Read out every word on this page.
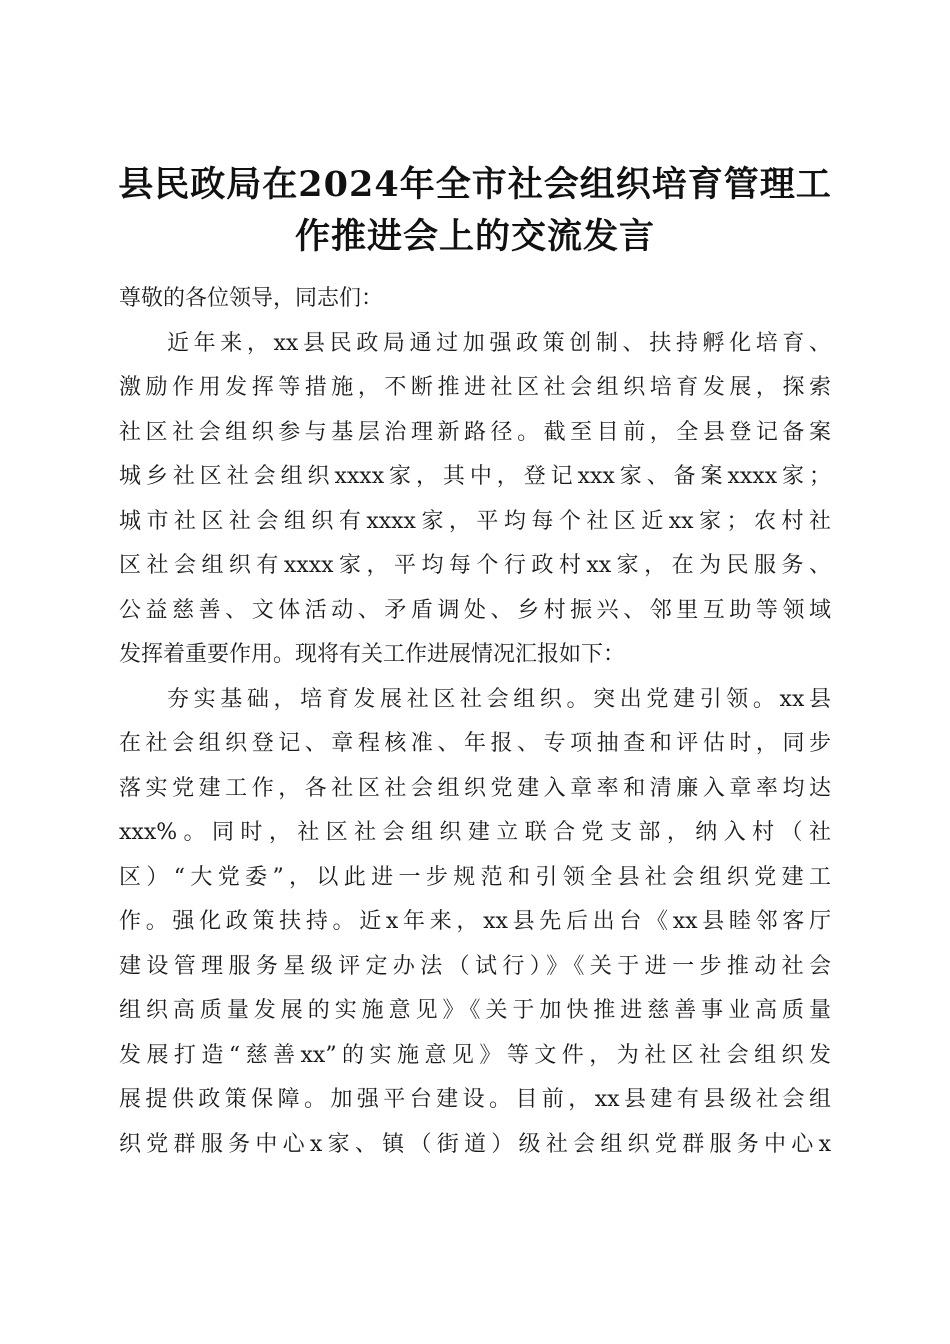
县民政局在2024年全市社会组织培育管理工
作推进会上的交流发言
尊敬的各位领导，同志们：
近年来，xx县民政局通过加强政策创制、扶持孵化培育、
激励作用发挥等措施，不断推进社区社会组织培育发展，探索
社区社会组织参与基层治理新路径。截至目前，全县登记备案
城乡社区社会组织xxxx家，其中，登记xxx家、备案xxxx家；
城市社区社会组织有xxxx家，平均每个社区近xx家；农村社
区社会组织有xxxx家，平均每个行政村xx家，在为民服务、
公益慈善、文体活动、矛盾调处、乡村振兴、邻里互助等领域
发挥着重要作用。现将有关工作进展情况汇报如下：
夯实基础，培育发展社区社会组织。突出党建引领。xx县
在社会组织登记、章程核准、年报、专项抽查和评估时，同步
落实党建工作，各社区社会组织党建入章率和清廉入章率均达
xxx%。同时，社区社会组织建立联合党支部，纳入村（社
区）“大党委”，以此进一步规范和引领全县社会组织党建工
作。强化政策扶持。近x年来，xx县先后出台《xx县睦邻客厅
建设管理服务星级评定办法（试行）》《关于进一步推动社会
组织高质量发展的实施意见》《关于加快推进慈善事业高质量
发展打造“慈善xx”的实施意见》等文件，为社区社会组织发
展提供政策保障。加强平台建设。目前，xx县建有县级社会组
织党群服务中心x家、镇（街道）级社会组织党群服务中心x
